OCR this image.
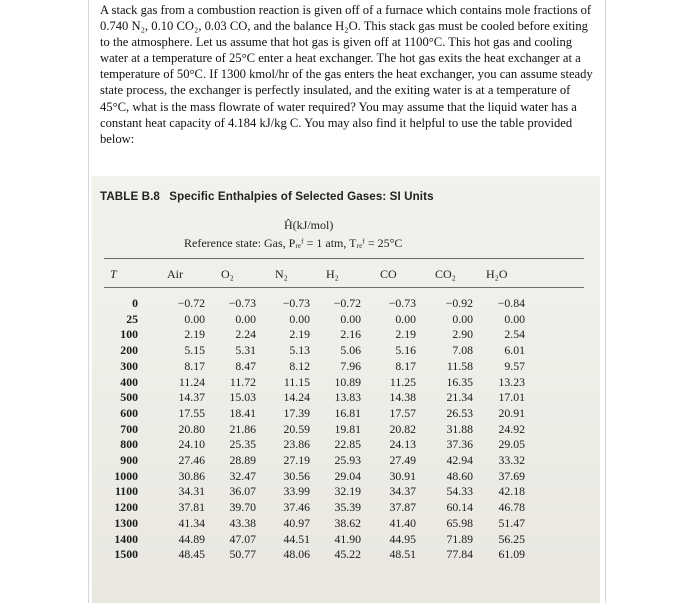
A stack gas from a combustion reaction is given off of a furnace which contains mole fractions of 0.740 N₂, 0.10 CO₂, 0.03 CO, and the balance H₂O. This stack gas must be cooled before exiting to the atmosphere. Let us assume that hot gas is given off at 1100°C. This hot gas and cooling water at a temperature of 25°C enter a heat exchanger. The hot gas exits the heat exchanger at a temperature of 50°C. If 1300 kmol/hr of the gas enters the heat exchanger, you can assume steady state process, the exchanger is perfectly insulated, and the exiting water is at a temperature of 45°C, what is the mass flowrate of water required? You may assume that the liquid water has a constant heat capacity of 4.184 kJ/kg C. You may also find it helpful to use the table provided below:

TABLE B.8 Specific Enthalpies of Selected Gases: SI Units
Ĥ(kJ/mol)
Reference state: Gas, Pᵣₑᶠ = 1 atm, Tᵣₑᶠ = 25°C
T	Air	O₂	N₂	H₂	CO	CO₂	H₂O
0	−0.72	−0.73	−0.73	−0.72	−0.73	−0.92	−0.84
25	0.00	0.00	0.00	0.00	0.00	0.00	0.00
100	2.19	2.24	2.19	2.16	2.19	2.90	2.54
200	5.15	5.31	5.13	5.06	5.16	7.08	6.01
300	8.17	8.47	8.12	7.96	8.17	11.58	9.57
400	11.24	11.72	11.15	10.89	11.25	16.35	13.23
500	14.37	15.03	14.24	13.83	14.38	21.34	17.01
600	17.55	18.41	17.39	16.81	17.57	26.53	20.91
700	20.80	21.86	20.59	19.81	20.82	31.88	24.92
800	24.10	25.35	23.86	22.85	24.13	37.36	29.05
900	27.46	28.89	27.19	25.93	27.49	42.94	33.32
1000	30.86	32.47	30.56	29.04	30.91	48.60	37.69
1100	34.31	36.07	33.99	32.19	34.37	54.33	42.18
1200	37.81	39.70	37.46	35.39	37.87	60.14	46.78
1300	41.34	43.38	40.97	38.62	41.40	65.98	51.47
1400	44.89	47.07	44.51	41.90	44.95	71.89	56.25
1500	48.45	50.77	48.06	45.22	48.51	77.84	61.09
